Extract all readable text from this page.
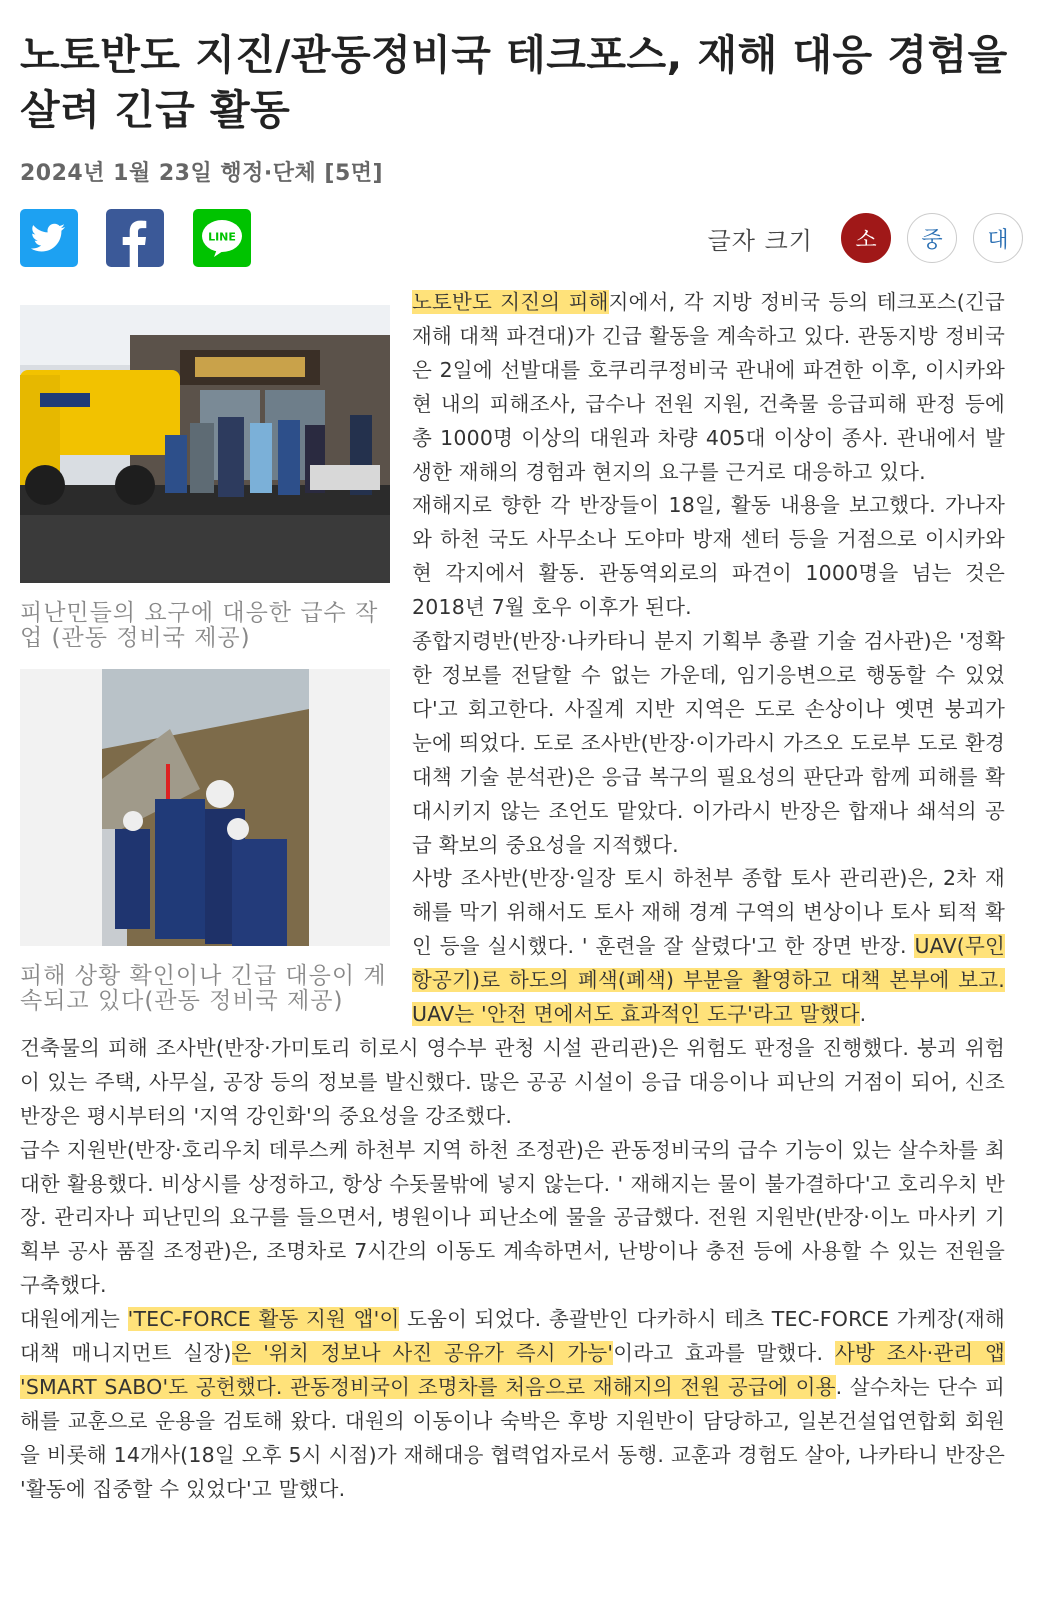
노토반도 지진/관동정비국 테크포스, 재해 대응 경험을 살려 긴급 활동
2024년 1월 23일 행정·단체 [5면]
LINE	글자 크기	소	중	대

노토반도 지진의 피해지에서, 각 지방 정비국 등의 테크포스(긴급 재해 대책 파견대)가 긴급 활동을 계속하고 있다. 관동지방 정비국은 2일에 선발대를 호쿠리쿠정비국 관내에 파견한 이후, 이시카와현 내의 피해조사, 급수나 전원 지원, 건축물 응급피해 판정 등에 총 1000명 이상의 대원과 차량 405대 이상이 종사. 관내에서 발생한 재해의 경험과 현지의 요구를 근거로 대응하고 있다.

재해지로 향한 각 반장들이 18일, 활동 내용을 보고했다. 가나자와 하천 국도 사무소나 도야마 방재 센터 등을 거점으로 이시카와현 각지에서 활동. 관동역외로의 파견이 1000명을 넘는 것은 2018년 7월 호우 이후가 된다.

종합지령반(반장·나카타니 분지 기획부 총괄 기술 검사관)은 '정확한 정보를 전달할 수 없는 가운데, 임기응변으로 행동할 수 있었다'고 회고한다. 사질계 지반 지역은 도로 손상이나 옛면 붕괴가 눈에 띄었다. 도로 조사반(반장·이가라시 가즈오 도로부 도로 환경 대책 기술 분석관)은 응급 복구의 필요성의 판단과 함께 피해를 확대시키지 않는 조언도 맡았다. 이가라시 반장은 합재나 쇄석의 공급 확보의 중요성을 지적했다.

사방 조사반(반장·일장 토시 하천부 종합 토사 관리관)은, 2차 재해를 막기 위해서도 토사 재해 경계 구역의 변상이나 토사 퇴적 확인 등을 실시했다. ' 훈련을 잘 살렸다'고 한 장면 반장. UAV(무인 항공기)로 하도의 폐색(폐색) 부분을 촬영하고 대책 본부에 보고. UAV는 '안전 면에서도 효과적인 도구'라고 말했다.

건축물의 피해 조사반(반장·가미토리 히로시 영수부 관청 시설 관리관)은 위험도 판정을 진행했다. 붕괴 위험이 있는 주택, 사무실, 공장 등의 정보를 발신했다. 많은 공공 시설이 응급 대응이나 피난의 거점이 되어, 신조 반장은 평시부터의 '지역 강인화'의 중요성을 강조했다.

급수 지원반(반장·호리우치 데루스케 하천부 지역 하천 조정관)은 관동정비국의 급수 기능이 있는 살수차를 최대한 활용했다. 비상시를 상정하고, 항상 수돗물밖에 넣지 않는다. ' 재해지는 물이 불가결하다'고 호리우치 반장. 관리자나 피난민의 요구를 들으면서, 병원이나 피난소에 물을 공급했다. 전원 지원반(반장·이노 마사키 기획부 공사 품질 조정관)은, 조명차로 7시간의 이동도 계속하면서, 난방이나 충전 등에 사용할 수 있는 전원을 구축했다.

대원에게는 'TEC-FORCE 활동 지원 앱'이 도움이 되었다. 총괄반인 다카하시 테츠 TEC-FORCE 가케장(재해 대책 매니지먼트 실장)은 '위치 정보나 사진 공유가 즉시 가능'이라고 효과를 말했다. 사방 조사·관리 앱 'SMART SABO'도 공헌했다. 관동정비국이 조명차를 처음으로 재해지의 전원 공급에 이용. 살수차는 단수 피해를 교훈으로 운용을 검토해 왔다. 대원의 이동이나 숙박은 후방 지원반이 담당하고, 일본건설업연합회 회원을 비롯해 14개사(18일 오후 5시 시점)가 재해대응 협력업자로서 동행. 교훈과 경험도 살아, 나카타니 반장은 '활동에 집중할 수 있었다'고 말했다.

피난민들의 요구에 대응한 급수 작업 (관동 정비국 제공)
피해 상황 확인이나 긴급 대응이 계속되고 있다(관동 정비국 제공)
